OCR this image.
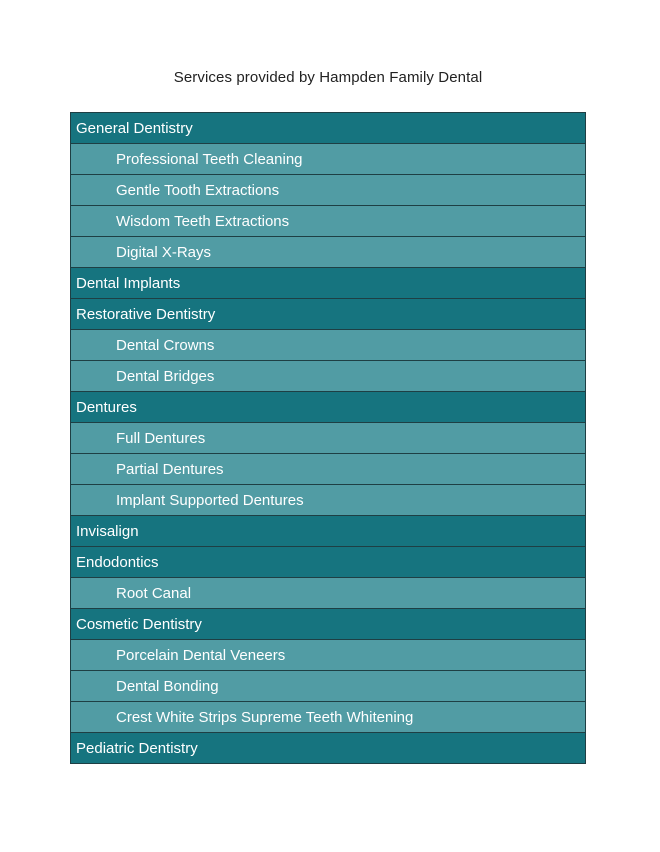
Services provided by Hampden Family Dental
General Dentistry
Professional Teeth Cleaning
Gentle Tooth Extractions
Wisdom Teeth Extractions
Digital X-Rays
Dental Implants
Restorative Dentistry
Dental Crowns
Dental Bridges
Dentures
Full Dentures
Partial Dentures
Implant Supported Dentures
Invisalign
Endodontics
Root Canal
Cosmetic Dentistry
Porcelain Dental Veneers
Dental Bonding
Crest White Strips Supreme Teeth Whitening
Pediatric Dentistry
